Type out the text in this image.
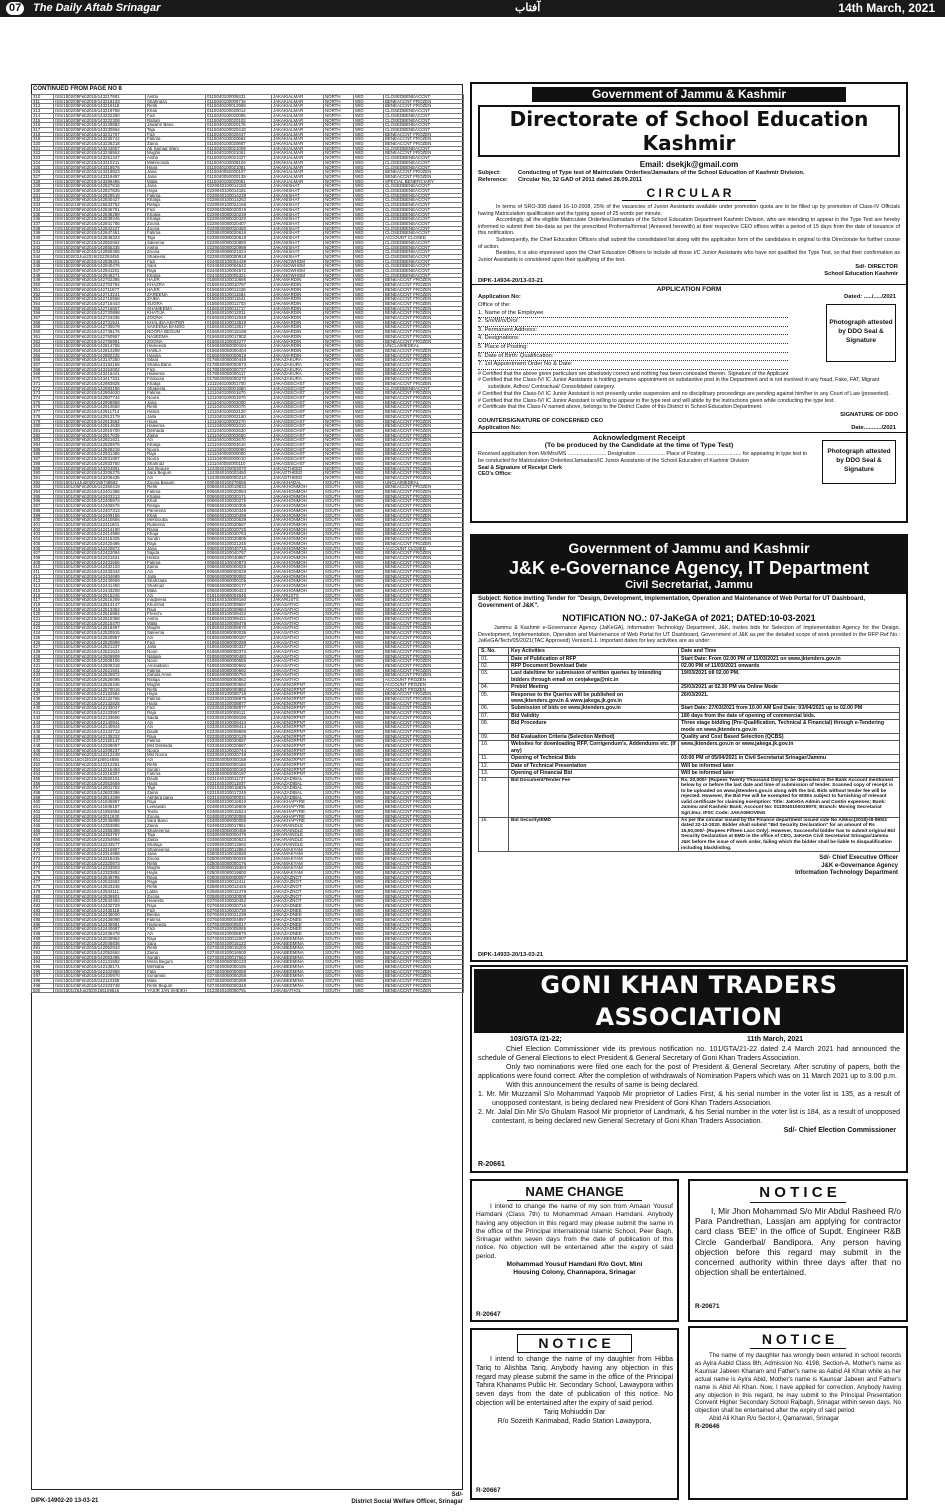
07 The Daily Aftab Srinagar	آفتاب	14th March, 2021
CONTINUED FROM PAGE NO 8
310	ISS/1502/05Feb2019/143217681	Aisha	0115040100008431	JAKAKIALMAR	NORTH	WID	CLOSEDBENEACCNT
311	ISS/1502/05Feb2019/143218133	Shahnaza	0115040100009715	JAKAKIALMAR	NORTH	WID	BENEACCNT FROZEN
312	ISS/1502/05Feb2019/143219118	Rehti	0115040100012969	JAKAKIALMAR	NORTH	WID	BENEACCNT FROZEN
313	ISS/1502/05Feb2019/143219758	Khati	0115040100020014	JAKAKIALMAR	NORTH	WID	CLOSEDBENEACCNT
314	ISS/1502/05Feb2019/143222290	Fazi	0115040100020085	JAKAKIALMAR	NORTH	WID	CLOSEDBENEACCNT
315	ISS/1502/05Feb2019/143222308	Rahati	0115040100020102	JAKAKIALMAR	NORTH	WID	CLOSEDBENEACCNT
316	ISS/1502/05Feb2019/143229882	Jawahir Bano	0115040100020176	JAKAKIALMAR	NORTH	WID	CLOSEDBENEACCNT
317	ISS/1502/05Feb2019/143230864	Taja	0115040100020418	JAKAKIALMAR	NORTH	WID	CLOSEDBENEACCNT
318	ISS/1502/05Feb2019/143231767	Fazi	0115040100020447	JAKAKIALMAR	NORTH	WID	BENEACCNT FROZEN
319	ISS/1502/05Feb2019/143235742	Fatima	0115040100020662	JAKAKIALMAR	NORTH	WID	BENEACCNT FROZEN
320	ISS/1502/05Feb2019/143236218	Zaina	0115040100020687	JAKAKIALMAR	NORTH	WID	BENEACCNT FROZEN
321	ISS/1502/05Feb2019/143244657	Ab Samad Wani	0115040100021009	JAKAKIALMAR	NORTH	WID	CLOSEDBENEACCNT
322	ISS/1502/05Feb2019/143246562	Mughli	0115040100021061	JAKAKIALMAR	NORTH	WID	BENEACCNT FROZEN
323	ISS/1502/05Feb2019/143251447	Aisha	0115040100021327	JAKAKIALMAR	NORTH	WID	CLOSEDBENEACCNT
324	ISS/1502/05Feb2019/143310211	Mahmooda	0115040100008104	JAKAKIALMAR	NORTH	WID	CLOSEDBENEACCNT
325	ISS/1502/05Feb2019/143318576	Hajra	0115040100021081	JAKAKIALMAR	NORTH	WID	CLOSEDBENEACCNT
326	ISS/1502/05Feb2019/143318823	Jana	0115040050000107	JAKAKIALMAR	NORTH	WID	BENEACCNT FROZEN
327	ISS/1502/05Feb2019/143319487	Jana	0115040050000139	JAKAKIALMAR	NORTH	WID	BENEACCNT FROZEN
328	ISS/1502/05Feb2019/143299485	Malla	0115040100020081	JAKAKIALMAR	NORTH	WID	SPECIAL BENEFICIARY
329	ISS/1502/05Feb2019/142827816	Jana	0229040100014150	JAKANISHAT	NORTH	WID	CLOSEDBENEACCNT
330	ISS/1502/05Feb2019/142827825	Hajra	0229040100014181	JAKANISHAT	NORTH	WID	CLOSEDBENEACCNT
331	ISS/1502/05Feb2019/142829518	Fatima	0229040100014239	JAKANISHAT	NORTH	WID	CLOSEDBENEACCNT
332	ISS/1502/05Feb2019/142830427	Khatija	0229040100014262	JAKANISHAT	NORTH	WID	CLOSEDBENEACCNT
333	ISS/1502/15Feb2019/126633752	Rafiqa	0229040100024168	JAKANISHAT	NORTH	WID	CLOSEDBENEACCNT
334	ISS/1502/05Feb2019/142836791	Fazi	0229040080020019	JAKANISHAT	NORTH	WID	CLOSEDBENEACCNT
335	ISS/1502/05Feb2019/142838289	Khatija	0229040080020239	JAKANISHAT	NORTH	WID	CLOSEDBENEACCNT
336	ISS/1502/05Feb2019/142839345	Khatija	0229040080020320	JAKANISHAT	NORTH	WID	CLOSEDBENEACCNT
337	ISS/1502/05Feb2019/142841786	Zoona	0229040080020407	JAKANISHAT	NORTH	WID	CLOSEDBENEACCNT
338	ISS/1502/05Feb2019/142842227	Zoona	0229040080020460	JAKANISHAT	NORTH	WID	CLOSEDBENEACCNT
339	ISS/1502/05Feb2019/142847461	Fatima	0229040080020616	JAKANISHAT	NORTH	WID	CLOSEDBENEACCNT
340	ISS/1502/05Feb2019/142848323	Taja	0229040080020619	JAKANISHAT	NORTH	WID	ACCOUNT CLOSED
341	ISS/1502/05Feb2019/142852662	Saleema	0229040080020850	JAKANISHAT	NORTH	WID	CLOSEDBENEACCNT
342	ISS/1502/05Feb2019/142855335	Aisha	0229040080020998	JAKANISHAT	NORTH	WID	CLOSEDBENEACCNT
343	ISS/1502/05Feb2019/142855365	Zoona	0229040080021024	JAKANISHAT	NORTH	WID	CLOSEDBENEACCNT
344	ISS/1502/02Jun2019/222293450	Shakeela	0229040080000918	JAKANISHAT	NORTH	WID	CLOSEDBENEACCNT
345	ISS/1502/05Feb2019/142939401	Fazi	0244040100004439	JAKANOWHOM	NORTH	WID	CLOSEDBENEACCNT
346	ISS/1502/05Feb2019/142940476	Sara	0244040100004542	JAKANOWHOM	NORTH	WID	CLOSEDBENEACCNT
347	ISS/1502/05Feb2019/142941191	Raja	0244040100004572	JAKANOWHOM	NORTH	WID	CLOSEDBENEACCNT
348	ISS/1502/05Feb2019/142948271	Khatija	0244040100005321	JAKANOWHOM	NORTH	WID	CLOSEDBENEACCNT
349	ISS/1502/05Feb2019/142702395	HAJIR	0156040100010686	JAKAMARDIN	NORTH	WID	BENEACCNT FROZEN
350	ISS/1502/05Feb2019/142703784	KHAZRA	0156040100010787	JAKAMARDIN	NORTH	WID	BENEACCNT FROZEN
351	ISS/1502/05Feb2019/142711877	HAJIR	0156040100011428	JAKAMARDIN	NORTH	WID	BENEACCNT FROZEN
352	ISS/1502/05Feb2019/142713241	ZAREENA	0156040100011584	JAKAMARDIN	NORTH	WID	BENEACCNT FROZEN
353	ISS/1502/05Feb2019/142715558	ZAIBA	0156040100011641	JAKAMARDIN	NORTH	WID	BENEACCNT FROZEN
354	ISS/1502/05Feb2019/142716443	SUGRA	0156040100011703	JAKAMARDIN	NORTH	WID	BENEACCNT FROZEN
355	ISS/1502/05Feb2019/142716667	SHAMEEMA	0156040100011717	JAKAMARDIN	NORTH	WID	BENEACCNT FROZEN
356	ISS/1502/05Feb2019/142720898	KHATIJA	0156040100012011	JAKAMARDIN	NORTH	WID	BENEACCNT FROZEN
357	ISS/1502/05Feb2019/142724335	ZOONA	0156040100012049	JAKAMARDIN	NORTH	WID	BENEACCNT FROZEN
358	ISS/1502/05Feb2019/142731541	KHALIDA AKHTER	0156040100013519	JAKAMARDIN	NORTH	WID	BENEACCNT FROZEN
359	ISS/1502/05Feb2019/142735579	SAKEENA BANOO	0156040100013617	JAKAMARDIN	NORTH	WID	BENEACCNT FROZEN
360	ISS/1502/05Feb2019/142738176	NOORA BEGUM	0156040100018198	JAKAMARDIN	NORTH	WID	BENEACCNT FROZEN
361	ISS/1502/05Feb2019/142750957	NASEEMA	0156040100017802	JAKAMARDIN	NORTH	WID	BENEACCNT FROZEN
362	ISS/1502/05Feb2019/142755981	ZOONA	0156040100002277	JAKAMARDIN	NORTH	WID	BENEACCNT FROZEN
363	ISS/1502/05Feb2019/142814765	Hameeda	0156040050000194	JAKAMARDIN	NORTH	WID	UNCLAIMEDEAL
364	ISS/1502/05Feb2019/142812298	HABLA	0156040050000404	JAKAMARDIN	NORTH	WID	BENEACCNT FROZEN
365	ISS/1502/05Feb2019/142882225	Hasina	0156040050000919	JAKAMARDIN	NORTH	WID	BENEACCNT FROZEN
366	ISS/1502/05Feb2019/143147250	Sitara	0178040080000449	JAKAZAKURA	NORTH	WID	BENEACCNT FROZEN
367	ISS/1502/05Feb2019/143154166	Shaha Bano	0178040080000673	JAKAZAKURA	NORTH	WID	BENEACCNT FROZEN
368	ISS/1502/05Feb2019/143154002	Fazi	0178040080000727	JAKAZAKURA	NORTH	WID	BENEACCNT FROZEN
369	ISS/1502/05Feb2019/143416441	Haleema	0178040050000117	JAKAZAKURA	NORTH	WID	BENEACCNT FROZEN
370	ISS/1502/05Feb2019/143417331	Firdousa	0178040050000270	JAKAZAKURA	NORTH	WID	BENEACCNT FROZEN
371	ISS/1502/05Feb2019/142983825	Khatija	1211040100001700	JAKAGEECHST	NORTH	WID	BENEACCNT FROZEN
372	ISS/1502/05Feb2019/142983196	Shakeela	1211040100001880	JAKAGEECHST	NORTH	WID	CLOSEDBENEACCNT
373	ISS/1502/05Feb2019/142904620	Fatima	1211040100001870	JAKAGEECHST	NORTH	WID	BENEACCNT FROZEN
374	ISS/1502/05Feb2019/142907744	Noora	1211040100001970	JAKAGEECHST	NORTH	WID	BENEACCNT FROZEN
375	ISS/1502/05Feb2019/142908858	Jana	1211040100002000	JAKAGEECHST	NORTH	WID	BENEACCNT FROZEN
376	ISS/1502/05Feb2019/142910660	Rehti	1211040100002070	JAKAGEECHST	NORTH	WID	BENEACCNT FROZEN
377	ISS/1502/05Feb2019/142911714	Hafiza	1211040100002120	JAKAGEECHST	NORTH	WID	BENEACCNT FROZEN
378	ISS/1502/05Feb2019/142912179	Jalla	1211040100002150	JAKAGEECHST	NORTH	WID	BENEACCNT FROZEN
379	ISS/1502/05Feb2019/142913662	Hajra	1211040100002270	JAKAGEECHST	NORTH	WID	BENEACCNT FROZEN
380	ISS/1502/05Feb2019/142914638	Haleema	1211040100002310	JAKAGEECHST	NORTH	WID	BENEACCNT FROZEN
381	ISS/1502/05Feb2019/142915700	Dilshada	1211040100002620	JAKAGEECHST	NORTH	WID	BENEACCNT FROZEN
382	ISS/1502/05Feb2019/142917635	Zaiba	1211040100002650	JAKAGEECHST	NORTH	WID	BENEACCNT FROZEN
383	ISS/1502/05Feb2019/142921821	Azi	1211040100002670	JAKAGEECHST	NORTH	WID	BENEACCNT FROZEN
384	ISS/1502/05Feb2019/142925876	Khatija	1211040100004610	JAKAGEECHST	NORTH	WID	BENEACCNT FROZEN
385	ISS/1502/05Feb2019/142928219	Noora	1211040100000090	JAKAGEECHST	NORTH	WID	BENEACCNT FROZEN
386	ISS/1502/05Feb2019/142931366	Raja	1211040050000000	JAKAGEECHST	NORTH	WID	BENEACCNT FROZEN
387	ISS/1502/05Feb2019/142931897	Noora	1211040050000010	JAKAGEECHST	NORTH	WID	BENEACCNT FROZEN
388	ISS/1502/05Feb2019/142933760	Shahnaz	1211040050000110	JAKAGEECHST	NORTH	WID	BENEACCNT FROZEN
389	ISS/1502/05Feb2019/143204851	Jan Begum	1243040100003070	JAKAGTHEED	NORTH	WID	BENEACCNT FROZEN
390	ISS/1502/05Feb2019/143206275	Sara Begum	1243040100003450	JAKAGTHEED	NORTH	WID	BENEACCNT FROZEN
391	ISS/1502/05Feb2019/143209435	Azi	1243040080000210	JAKAGTHEED	NORTH	WID	BENEACCNT FROZEN
392	ISS/1501/14Jul2020/155748662	Zoona Begum	0003040100276556	JAKAKHADAL	SOUTH	WID	UNCLAIMEDEAL
393	ISS/1501/05Feb2019/142350419	Rehti	0066040100019833	JAKAKHONMOH	SOUTH	WID	BENEACCNT FROZEN
394	ISS/1501/05Feb2019/142401386	Fatima	0066040100020084	JAKAKHONMOH	SOUTH	WID	BENEACCNT FROZEN
395	ISS/1501/05Feb2019/142403213	Khatija	0066040100020171	JAKAKHONMOH	SOUTH	WID	BENEACCNT FROZEN
396	ISS/1501/05Feb2019/142405874	Khati	0066040100020275	JAKAKHONMOH	SOUTH	WID	BENEACCNT FROZEN
397	ISS/1501/05Feb2019/142406576	Rafiqa	0066040100020306	JAKAKHONMOH	SOUTH	WID	BENEACCNT FROZEN
398	ISS/1501/05Feb2019/142407313	Parveena	0066040100020349	JAKAKHONMOH	SOUTH	WID	BENEACCNT FROZEN
399	ISS/1501/05Feb2019/142409166	Khati	0066040100020499	JAKAKHONMOH	SOUTH	WID	BENEACCNT FROZEN
400	ISS/1501/05Feb2019/142410856	Mehbooba	0066040100020539	JAKAKHONMOH	SOUTH	WID	BENEACCNT FROZEN
401	ISS/1501/05Feb2019/142411601	Rubeena	0066040100020567	JAKAKHONMOH	SOUTH	WID	BENEACCNT FROZEN
402	ISS/1501/05Feb2019/142414190	Rajsa	0066040100020725	JAKAKHONMOH	SOUTH	WID	BENEACCNT FROZEN
403	ISS/1501/05Feb2019/142414998	Khaja	0066040100020763	JAKAKHONMOH	SOUTH	WID	BENEACCNT FROZEN
404	ISS/1501/05Feb2019/142415325	Sundri	0066040100020805	JAKAKHONMOH	SOUTH	WID	BENEACCNT FROZEN
405	ISS/1501/05Feb2019/142420496	Raja	0066040100021245	JAKAKHONMOH	SOUTH	WID	BENEACCNT FROZEN
406	ISS/1501/05Feb2019/142420872	Jana	0066040100040715	JAKAKHONMOH	SOUTH	WID	ACCOUNT CLOSED
407	ISS/1501/05Feb2019/142422094	Sajida	0066040100040767	JAKAKHONMOH	SOUTH	WID	BENEACCNT FROZEN
408	ISS/1501/05Feb2019/142421631	Hafiza	0066040100040857	JAKAKHONMOH	SOUTH	WID	BENEACCNT FROZEN
409	ISS/1501/05Feb2019/142431655	Fatima	0066040100040873	JAKAKHONMOH	SOUTH	WID	BENEACCNT FROZEN
410	ISS/1501/05Feb2019/142432103	Zaina	0066040080000026	JAKAKHONMOH	SOUTH	WID	BENEACCNT FROZEN
411	ISS/1501/05Feb2019/142433342	Azi	0066040080000029	JAKAKHONMOH	SOUTH	WID	BENEACCNT FROZEN
412	ISS/1501/05Feb2019/142434689	Jalla	0066040080000082	JAKAKHONMOH	SOUTH	WID	BENEACCNT FROZEN
413	ISS/1501/05Feb2019/142440669	Shahzada	0066040080000105	JAKAKHONMOH	SOUTH	WID	BENEACCNT FROZEN
414	ISS/1501/05Feb2019/142441460	Shahnaz	0066040080000177	JAKAKHONMOH	SOUTH	WID	BENEACCNT FROZEN
415	ISS/1501/05Feb2019/142443208	Mala	0066040080000424	JAKAKHONMOH	SOUTH	WID	BENEACCNT FROZEN
416	ISS/1501/05Feb2019/142515245	Azi	0181040080004646	JAKARUSTS	SOUTH	WID	BENEACCNT FROZEN
417	ISS/1501/05Feb2019/142515259	maqbeela	0181040100009160	JAKARUSTS	SOUTH	WID	BENEACCNT FROZEN
418	ISS/1501/05Feb2019/142513147	Khurshid	0185040100009597	JAKASATHO	SOUTH	WID	BENEACCNT FROZEN
419	ISS/1501/05Feb2019/142513352	Raja	0185040100009684	JAKASATHO	SOUTH	WID	BENEACCNT FROZEN
420	ISS/1501/05Feb2019/142515894	Freechi	0185040100009422	JAKASATHO	SOUTH	WID	BENEACCNT FROZEN
421	ISS/1501/05Feb2019/142515358	Aisha	0185040100009421	JAKASATHO	SOUTH	WID	BENEACCNT FROZEN
422	ISS/1501/05Feb2019/142515470	Malla	0185040100009478	JAKASATHO	SOUTH	WID	BENEACCNT FROZEN
423	ISS/1501/05Feb2019/142518497	Mughli	0185040100009670	JAKASATHO	SOUTH	WID	BENEACCNT FROZEN
424	ISS/1501/05Feb2019/142520915	Saleema	0185040080000036	JAKASATHO	SOUTH	WID	BENEACCNT FROZEN
425	ISS/1501/05Feb2019/142520957	Azi	0185040080000187	JAKASATHO	SOUTH	WID	BENEACCNT FROZEN
426	ISS/1501/05Feb2019/142520899	Fazi	0185040080000298	JAKASATHO	SOUTH	WID	BENEACCNT FROZEN
427	ISS/1501/05Feb2019/142521237	Jalla	0185040080000337	JAKASATHO	SOUTH	WID	BENEACCNT FROZEN
428	ISS/1501/05Feb2019/142521624	Noori	0185040080000372	JAKASATHO	SOUTH	WID	BENEACCNT FROZEN
429	ISS/1501/05Feb2019/142506909	Nabala	0185040080000483	JAKASATHO	SOUTH	WID	BENEACCNT FROZEN
430	ISS/1501/05Feb2019/142508106	Noori	0185040080000556	JAKASATHO	SOUTH	WID	BENEACCNT FROZEN
431	ISS/1501/05Feb2019/142508318	Aminallano	0185040080000592	JAKASATHO	SOUTH	WID	BENEACCNT FROZEN
432	ISS/1501/05Feb2019/142521601	Fatima	0185040080000692	JAKASATHO	SOUTH	WID	BENEACCNT FROZEN
433	ISS/1501/05Feb2019/142525872	Zahida Amin	0185040080000752	JAKASATHO	SOUTH	WID	BENEACCNT FROZEN
434	ISS/1501/05Feb2019/142526095	Rafiqa	0195040050000862	JAKASATHO	SOUTH	WID	ACCOUNT FROZEN
435	ISS/1501/05Feb2019/142626436	Mughli	0233040080000692	JAKAENGRPNT	SOUTH	WID	ACCOUNT FROZEN
436	ISS/1501/05Feb2019/142570016	Rehti	0233040080000882	JAKAENGRPNT	SOUTH	WID	ACCOUNT FROZEN
437	ISS/1501/05Feb2019/142132554	Hajra	0233040100008718	JAKAENGRPNT	SOUTH	WID	BENEACCNT FROZEN
438	ISS/1501/05Feb2019/142132766	Fatima	0233040100008875	JAKAENGRPNT	SOUTH	WID	BENEACCNT FROZEN
439	ISS/1501/05Feb2019/142132825	Hajra	0233040100008877	JAKAENGRPNT	SOUTH	WID	BENEACCNT FROZEN
440	ISS/1501/05Feb2019/142133047	Fazi	0233040100008977	JAKAENGRPNT	SOUTH	WID	BENEACCNT FROZEN
441	ISS/1501/05Feb2019/142133557	Raja	0233040100009111	JAKAENGRPNT	SOUTH	WID	BENEACCNT FROZEN
442	ISS/1501/05Feb2019/142133606	Saida	0233040100009199	JAKAENGRPNT	SOUTH	WID	BENEACCNT FROZEN
443	ISS/1501/05Feb2019/142140941	Azi	0233040100009412	JAKAENGRPNT	SOUTH	WID	BENEACCNT FROZEN
444	ISS/1501/05Feb2019/142140944	Azi	0233040100009414	JAKAENGRPNT	SOUTH	WID	BENEACCNT FROZEN
445	ISS/1501/05Feb2019/142134713	Daulti	0233040100009696	JAKAENGRPNT	SOUTH	WID	BENEACCNT FROZEN
446	ISS/1501/05Feb2019/142135222	Raja	0233040100020129	JAKAENGRPNT	SOUTH	WID	BENEACCNT FROZEN
447	ISS/1501/05Feb2019/142150147	Fatima	0233040100020697	JAKAENGRPNT	SOUTH	WID	BENEACCNT FROZEN
448	ISS/1501/05Feb2019/142208097	Mst Dilshada	0233040100020697	JAKAENGRPNT	SOUTH	WID	BENEACCNT FROZEN
449	ISS/1501/05Feb2019/142208237	Noora	0233040100020744	JAKAENGRPNT	SOUTH	WID	BENEACCNT FROZEN
450	ISS/1501/05Feb2019/142212248	Mst Noora	0233040100020748	JAKAENGRPNT	SOUTH	WID	BENEACCNT FROZEN
451	ISS/1501/15Oct2019/126914656	Azi	0233040050000158	JAKAENGRPNT	SOUTH	WID	BENEACCNT FROZEN
452	ISS/1501/05Feb2019/142212261	Rehti	0233040050000182	JAKAENGRPNT	SOUTH	WID	BENEACCNT FROZEN
453	ISS/1501/05Feb2019/142216483	Sundri	0233040050000182	JAKAENGRPNT	SOUTH	WID	BENEACCNT FROZEN
454	ISS/1501/05Feb2019/142216307	Fatima	0233040050000197	JAKAENGRPNT	SOUTH	WID	BENEACCNT FROZEN
455	ISS/1501/05Feb2019/142550101	Daulti	0231040100011727	JAKAZADIBAL	SOUTH	WID	BENEACCNT FROZEN
456	ISS/1501/05Feb2019/142552669	Hajra	0231040100011937	JAKAZADIBAL	SOUTH	WID	BENEACCNT FROZEN
457	ISS/1501/05Feb2019/142601752	Taja	0231040100016825	JAKAZADIBAL	SOUTH	WID	BENEACCNT FROZEN
458	ISS/1501/05Feb2019/142603396	Zaina	0231040100017246	JAKAZADIBAL	SOUTH	WID	BENEACCNT FROZEN
459	ISS/1501/05Feb2019/142614269	Akhtera bano	0231040050000031	JAKAZADIBAL	SOUTH	WID	BENEACCNT FROZEN
460	ISS/1501/05Feb2019/141945897	Raja	0248040100016910	JAKAKHAPYRE	SOUTH	WID	BENEACCNT FROZEN
461	ISS/1501/05Feb2019/141946197	Leelawati	0248040100016609	JAKAKHAPYRE	SOUTH	WID	BENEACCNT FROZEN
462	ISS/1501/05Feb2019/141954694	Teeta	0248040100015524	JAKAKHAPYRE	SOUTH	WID	BENEACCNT FROZEN
463	ISS/1501/05Feb2019/142011620	Zoona	0248040100020086	JAKAKHAPYRE	SOUTH	WID	BENEACCNT FROZEN
464	ISS/1501/05Feb2019/142046889	Sara Bano	0248040080000059	JAKAKHAPYRE	SOUTH	WID	BENEACCNT FROZEN
465	ISS/1501/05Feb2019/142353855	Zaina	0249040100017861	JAKARAINDLE	SOUTH	WID	BENEACCNT FROZEN
466	ISS/1501/05Feb2019/142355398	Shameema	0249040050000456	JAKARAINDLE	SOUTH	WID	BENEACCNT FROZEN
467	ISS/1501/05Feb2019/142353767	Taja	0249040050000479	JAKARAINDLE	SOUTH	WID	BENEACCNT FROZEN
468	ISS/1501/05Feb2019/142354694	Zaiba	0249040050000623	JAKARAINDLE	SOUTH	WID	BENEACCNT FROZEN
469	ISS/1501/05Feb2019/142243577	Shafiqa	0249040100012692	JAKARAINDLE	SOUTH	WID	BENEACCNT FROZEN
470	ISS/1501/05Feb2019/142316987	Shameema	0249040100013864	JAKAMAKYAM	SOUTH	WID	BENEACCNT FROZEN
471	ISS/1501/05Feb2019/142314988	Jana	0250040100016930	JAKAMAKYAM	SOUTH	WID	BENEACCNT FROZEN
472	ISS/1501/05Feb2019/142319445	Zoona	0250040080000046	JAKAMAKYAM	SOUTH	WID	BENEACCNT FROZEN
473	ISS/1501/05Feb2019/142320873	Rehti	0250040080000176	JAKAMAKYAM	SOUTH	WID	BENEACCNT FROZEN
474	ISS/1501/05Feb2019/142333903	Mughli	0250040080019383	JAKAMAKYAM	SOUTH	WID	BENEACCNT FROZEN
475	ISS/1501/05Feb2019/142323852	Hajra	0250040080019800	JAKAMAKYAM	SOUTH	WID	BENEACCNT FROZEN
476	ISS/1501/05Feb2019/142549785	Rajja	0250040050000087	JAKAZAZNOT	SOUTH	WID	BENEACCNT FROZEN
477	ISS/1501/05Feb2019/142532662	Rajja	0258040100012411	JAKAZAZNOT	SOUTH	WID	BENEACCNT FROZEN
478	ISS/1501/05Feb2019/142533245	Rehti	0258040100012426	JAKAZAZNOT	SOUTH	WID	BENEACCNT FROZEN
479	ISS/1501/05Feb2019/142534111	Latifa	0258040100012479	JAKAZAZNOT	SOUTH	WID	BENEACCNT FROZEN
480	ISS/1501/05Feb2019/142539901	Zoona	0258040100020008	JAKAZAZNOT	SOUTH	WID	BENEACCNT FROZEN
481	ISS/1501/05Feb2019/142542463	Haneefa	0276040100020452	JAKAZAZNOT	SOUTH	WID	BENEACCNT FROZEN
482	ISS/1501/05Feb2019/142432729	Raja	0276040100020716	JAKAZADNEE	SOUTH	WID	BENEACCNT FROZEN
483	ISS/1501/05Feb2019/142435118	Fazi	0276040100020730	JAKAZADNEE	SOUTH	WID	BENEACCNT FROZEN
484	ISS/1501/05Feb2019/142436000	Beeba	0276040100021238	JAKAZADNEE	SOUTH	WID	BENEACCNT FROZEN
485	ISS/1501/05Feb2019/142436098	Fatima	0276040080004897	JAKAZADNEE	SOUTH	WID	BENEACCNT FROZEN
486	ISS/1501/05Feb2019/142435981	Hameeda	0276040080005017	JAKAZADNEE	SOUTH	WID	BENEACCNT FROZEN
487	ISS/1501/05Feb2019/142440687	Fazi	0276040100005065	JAKAZADNEE	SOUTH	WID	BENEACCNT FROZEN
488	ISS/1501/05Feb2019/142436478	Azi	0276040100006670	JAKAZADNEE	SOUTH	WID	BENEACCNT FROZEN
489	ISS/1501/05Feb2019/142036952	Raja	0274040100012007	JAKABEEMINA	SOUTH	WID	BENEACCNT FROZEN
490	ISS/1501/05Feb2019/142046836	Sara	0274040100015122	JAKABEEMINA	SOUTH	WID	BENEACCNT FROZEN
491	ISS/1501/05Feb2019/142052943	Rehti	0274040100015202	JAKABEEMINA	SOUTH	WID	BENEACCNT FROZEN
492	ISS/1501/05Feb2019/142052662	Zaina	0274040100016500	JAKABEEMINA	SOUTH	WID	BENEACCNT FROZEN
493	ISS/1501/05Feb2019/142053485	Sundri	0274040100017662	JAKABEEMINA	SOUTH	WID	BENEACCNT FROZEN
494	ISS/1501/05Feb2019/142131692	Misra Begum	0274040050000133	JAKABEEMINA	SOUTH	WID	BENEACCNT FROZEN
495	ISS/1501/05Feb2019/142135171	Mehtaba	0274040050000186	JAKABEEMINA	SOUTH	WID	BENEACCNT FROZEN
496	ISS/1501/05Feb2019/142102968	Fata	0274040050000058	JAKABEEMINA	SOUTH	WID	BENEACCNT FROZEN
497	ISS/1501/05Feb2019/142100970	Sonamati	0274040050000258	JAKABEEMINA	SOUTH	WID	BENEACCNT FROZEN
498	ISS/1501/05Feb2019/142110158	Mala	0274040050000288	JAKABEEMINA	SOUTH	WID	BENEACCNT FROZEN
499	ISS/1501/05Feb2019/142103748	Rehti Begum	0274040050000348	JAKABEEMINA	SOUTH	WID	BENEACCNT FROZEN
500	ISS/1501/26Jun2020/155159516	YASIR JAN SHEIKH	0123040100090791	JAKABATHOL	SOUTH	WID	BENEACCNT FROZEN
Sd/-
DIPK-14902-20 13-03-21	District Social Welfare Officer, Srinagar
Government of Jammu & Kashmir
Directorate of School Education Kashmir
Email: dsekjk@gmail.com
Subject:	Conducting of Type test of Matriculate Orderlies/Jamadars of the School Education of Kashmir Division.
Reference: Circular No, 32 GAD of 2011 dated 28.09.2011
C I R C U L A R

In terms of SRO-308 dated 16-10-2008, 25% of the vacancies of Junior Assistants available under promotion quota are to be filled up by promotion of Class-IV Officials having Matriculation qualification and the typing speed of 25 words per minute.

Accordingly, all the eligible Matriculate Orderlies/Jamadars of the School Education Department Kashmir Division, who are intending to appear in the Type Test are hereby informed to submit their bio-data as per the prescribed Proforma/format (Annexed herewith) at their respective CEO offices within a period of 15 days from the date of issuance of this notification.

Subsequently, the Chief Education Officers shall submit the consolidated list along with the application form of the candidates in original to this Directorate for further course of action.

Besides, it is also impressed upon the Chief Education Officers to include all those I/C Junior Assistants who have not qualified the Type Test, so that their confirmation as Junior Assistants is considered upon their qualifying of the test.

Sd/- DIRECTOR
School Education Kashmir
DIPK-14934-20/13-03-21
APPLICATION FORM
Application No:	Dated: ...../...../2021
Office of the:
1. Name of the Employee
2. S/o/W/o/D/o/:
3. Permanent Address:
4. Designations:
5. Place of Posting:
6. Date of Birth: Qualification:
7. 1st Appointment Order No & Date:
Photograph attested by DDO Seal & Signature
# Certified that the above given particulars are absolutely correct and nothing has been concealed therein. Signature of the Applicant
# Certified that the Class-IV/ IC Junior Assistants is holding genuine appointment on substantive post in the Department and is not involved in any fraud, Fake, FAT, Migrant substitute, Adhoc/ Contractual/ Consolidated category.
# Certified that the Class-IV/ IC Junior Assistant is not presently under suspension and no disciplinary proceedings are pending against him/her in any Court of Law (presented).
# Certified that the Class-IV/ IC Junior Assistant is willing to appear in the type test and will abide by the instructions given while conducting the type test.
# Certificate that the Class-IV named above, belongs to the District Cadre of this District in School Education Department.
SIGNATURE OF DDO
COUNTERSIGNATURE OF CONCERNED CEO
Application No:	Date.........../2021
Acknowledgment Receipt
(To be produced by the Candidate at the time of Type Test)
Received application from Mr/Mrs/MS .......................... Designation ................... Place of Posting ........................ for appearing in type test to be conducted for Matriculation Orderlies/Jamadars/IC Junior Assistants of the School Education of Kashmir Division
Seal & Signature of Receipt Clerk
CEO's Office:
Photograph attested by DDO Seal & Signature
Government of Jammu and Kashmir
J&K e-Governance Agency, IT Department
Civil Secretariat, Jammu
Subject: Notice inviting Tender for "Design, Development, Implementation, Operation and Maintenance of Web Portal for UT Dashboard, Government of J&K".
NOTIFICATION NO.: 07-JaKeGA of 2021; DATED:10-03-2021
Jammu & Kashmir e-Governance Agency (JaKeGA), Information Technology Department, J&K, invites bids for Selection of Implementation Agency for the Design, Development, Implementation, Operation and Maintenance of Web Portal for UT Dashboard, Government of J&K as per the detailed scope of work provided in the RFP Ref No.: JaKeGA/Tech/05/2021(TAC Approved) Version1.1. Important dates for key activities are as under:
S. No.	Key Activities	Date and Time
01.	Date of Publication of RFP	Start Date: From 02.00 PM of 11/03/2021 on www.jktenders.gov.in
02.	RFP Document Download Date	02.00 PM of 11/03/2021 onwards
03.	Last date/time for submission of written queries by intending bidders through email on ceojakega@nic.in	19/03/2021 till 02.00 PM.
04.	Prebid Meeting	25/03/2021 at 02.30 PM via Online Mode
05.	Response to the Queries will be published on www.jktenders.gov.in & www.jakega.jk.gov.in	26/03/2021.
06.	Submission of bids on www.jktenders.gov.in	Start Date: 27/03/2021 from 10.00 AM End Date: 03/04/2021 up to 02.00 PM
07.	Bid Validity	180 days from the date of opening of commercial bids.
08.	Bid Procedure	Three stage bidding (Pre-Qualification, Technical & Financial) through e-Tendering mode on www.jktenders.gov.in
09.	Bid Evaluation Criteria (Selection Method)	Quality and Cost Based Selection (QCBS)
10.	Websites for downloading RFP, Corrigendum's, Addendums etc. (If any)	www.jktenders.gov.in or www.jakega.jk.gov.in
11.	Opening of Technical Bids	03:00 PM of 05/04/2021 in Civil Secretariat Srinagar/Jammu
12.	Date of Technical Presentation	Will be informed later
13.	Opening of Financial Bid	Will be informed later
14.	Bid Document/Tender Fee	Rs. 20,000/- (Rupees Twenty Thousand Only) to be deposited in the Bank Account mentioned below by or before the last date and time of submission of tender. Scanned copy of receipt is to be uploaded on www.jktenders.gov.in along with the bid. Bids without tender fee will be rejected. However, the Bid Fee will be exempted for MSEs subject to furnishing of relevant valid certificate for claiming exemption: Title: JaKeGA Admin and Contin expenses; Bank: Jammu and Kashmir Bank; Account No: 0110040100019970; Branch: Moving Secretariat Sgr/Jmu; IFSC Code: JAKA0MOVING
15.	Bid Security/EMD	As per the circular issued by the Finance department issued vide No A/Misc(2018)-III-895/2 dated 22-12-2020. Bidder shall submit "Bid Security Declaration" for an amount of Rs 15,00,000/- (Rupees Fifteen Lacs Only). However, Successful bidder has to submit original Bid Security Declaration at EMD in the office of CEO, JaKeGA Civil Secretariat Srinagar/Jammu J&K before the issue of work order, failing which the bidder shall be liable to disqualification including blacklisting.
Sd/- Chief Executive Officer
J&K e-Governance Agency
Information Technology Department
DIPK-14933-20/13-03-21
GONI KHAN TRADERS ASSOCIATION
103/GTA /21-22;	11th March, 2021

Chief Election Commissioner vide its previous notification no. 101/GTA/21-22 dated 2.4 March 2021 had announced the schedule of General Elections to elect President & General Secretary of Goni Khan Traders Association.

Only two nominations were filed one each for the post of President & General Secretary. After scrutiny of papers, both the applications were found correct. After the completion of withdrawals of Nomination Papers which was on 11 March 2021 up to 3.00 p.m.

With this announcement the results of same is being declared.

1. Mr. Mir Muzzamil S/o Mohammad Yaqoob Mir proprietor of Ladies First, & his serial number in the voter list is 135, as a result of unopposed contestant, is being declared new President of Goni Khan Traders Association.

2. Mr. Jalal Din Mir S/o Ghulam Rasool Mir proprietor of Landmark, & his Serial number in the voter list is 184, as a result of unopposed contestant, is being declared new General Secretary of Goni Khan Traders Association.

Sd/- Chief Election Commissioner
R-20661
NAME CHANGE
I intend to change the name of my son from Amaan Yousuf Hamdani (Class 7th) to Mohammad Amaan Hamdani. Anybody having any objection in this regard may please submit the same in the office of the Principal International Islamic School, Peer Bagh, Srinagar within seven days from the date of publication of this notice. No objection will be entertained after the expiry of said period.
Mohammad Yousuf Hamdani R/o Govt. Mini
Housing Colony, Channapora, Srinagar
R-20647
N O T I C E
I, Mir Jhon Mohammad S/o Mir Abdul Rasheed R/o Para Pandrethan, Lassjan am applying for contractor card class 'BEE' in the office of Supdt. Engineer R&B Circle Ganderbal/ Bandipora. Any person having objection before this regard may submit in the concerned authority within three days after that no objection shall be entertained.
R-20671
N O T I C E
I intend to change the name of my daughter from Hibba Tariq to Alishba Tariq. Anybody having any objection in this regard may please submit the same in the office of the Principal Tahira Khanams Public Hr. Secondary School, Lawaypora within seven days from the date of publication of this notice. No objection will be entertained after the expiry of said period.
Tariq Mohiuddin Dar
R/o Sozeith Karimabad, Radio Station Lawaypora,
R-20667
N O T I C E
The name of my daughter has wrongly been entered in school records as Ayira Aabid Class 8th, Admission No. 4198, Section-A, Mother's name as Kaunsar Jabeen Khanam and Father's name as Aabid Ali Khan while as her actual name is Ayira Abid, Mother's name is Kaunsar Jabeen and Father's name is Abid Ali Khan. Now, I have applied for correction. Anybody having any objection in this regard, he may submit to the Principal Presentation Convent Higher Secondary School Rajbagh, Srinagar within seven days. No objection shall be entertained after the expiry of said period
Abid Ali Khan R/o Sector-I, Qamarwari, Srinagar
R-20646
